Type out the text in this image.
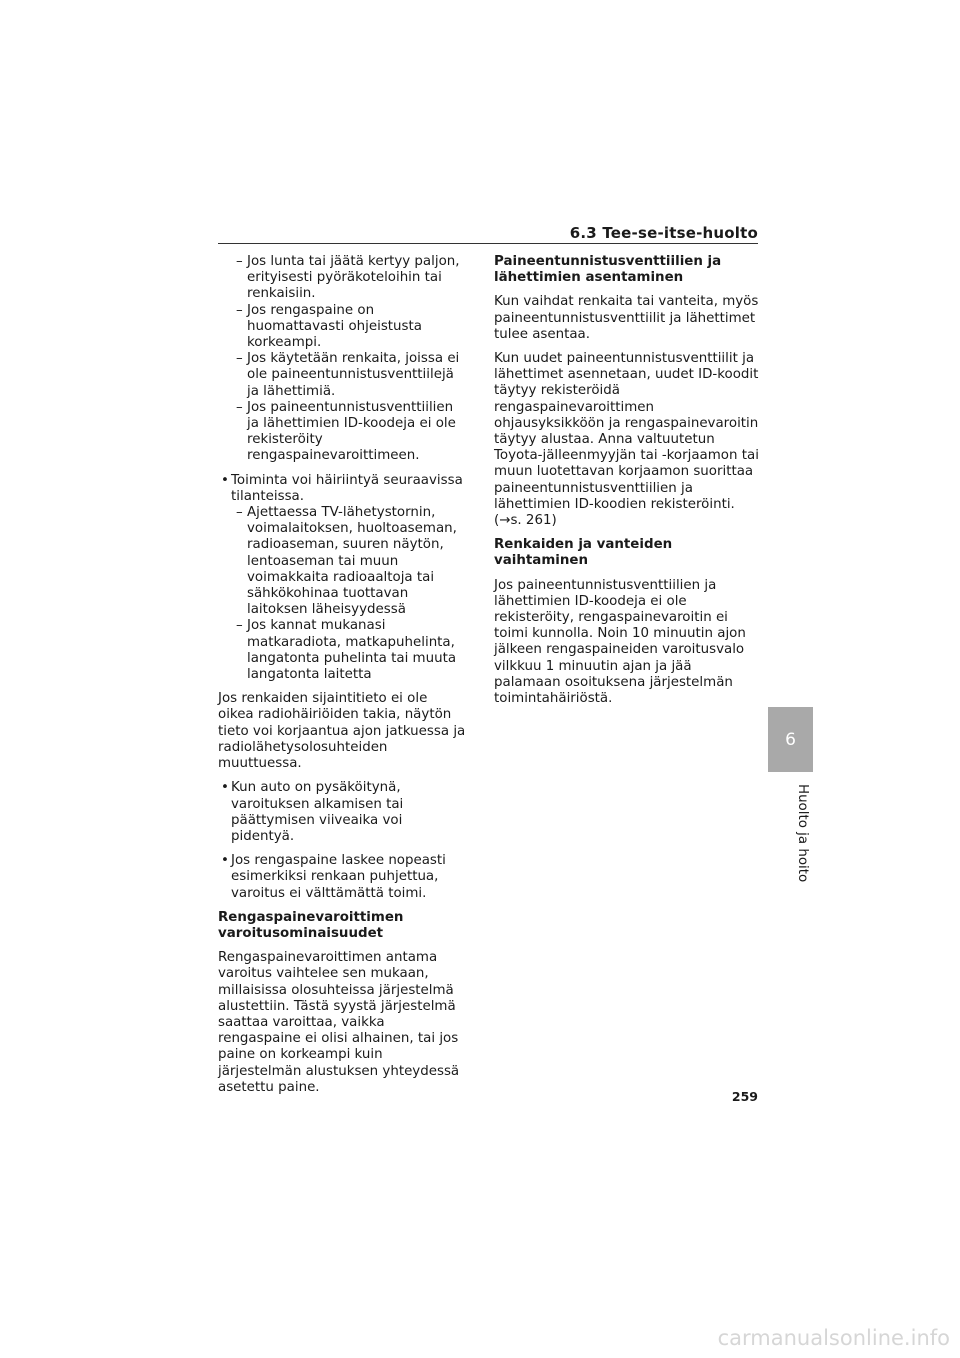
6.3 Tee-se-itse-huolto
– Jos lunta tai jäätä kertyy paljon, erityisesti pyöräkoteloihin tai renkaisiin.
– Jos rengaspaine on huomattavasti ohjeistusta korkeampi.
– Jos käytetään renkaita, joissa ei ole paineentunnistusventtiilejä ja lähettimiä.
– Jos paineentunnistusventtiilien ja lähettimien ID-koodeja ei ole rekisteröity rengaspainevaroittimeen.
• Toiminta voi häiriintyä seuraavissa tilanteissa.
– Ajettaessa TV-lähetystornin, voimalaitoksen, huoltoaseman, radioaseman, suuren näytön, lentoaseman tai muun voimakkaita radioaaltoja tai sähkökohinaa tuottavan laitoksen läheisyydessä
– Jos kannat mukanasi matkaradiota, matkapuhelinta, langatonta puhelinta tai muuta langatonta laitetta

Jos renkaiden sijaintitieto ei ole oikea radiohäiriöiden takia, näytön tieto voi korjaantua ajon jatkuessa ja radiolähetysolosuhteiden muuttuessa.

• Kun auto on pysäköitynä, varoituksen alkamisen tai päättymisen viiveaika voi pidentyä.
• Jos rengaspaine laskee nopeasti esimerkiksi renkaan puhjettua, varoitus ei välttämättä toimi.

Rengaspainevaroittimen varoitusominaisuudet

Rengaspainevaroittimen antama varoitus vaihtelee sen mukaan, millaisissa olosuhteissa järjestelmä alustettiin. Tästä syystä järjestelmä saattaa varoittaa, vaikka rengaspaine ei olisi alhainen, tai jos paine on korkeampi kuin järjestelmän alustuksen yhteydessä asetettu paine.

Paineentunnistusventtiilien ja lähettimien asentaminen

Kun vaihdat renkaita tai vanteita, myös paineentunnistusventtiilit ja lähettimet tulee asentaa.

Kun uudet paineentunnistusventtiilit ja lähettimet asennetaan, uudet ID-koodit täytyy rekisteröidä rengaspainevaroittimen ohjausyksikköön ja rengaspainevaroitin täytyy alustaa. Anna valtuutetun Toyota-jälleenmyyjän tai -korjaamon tai muun luotettavan korjaamon suorittaa paineentunnistusventtiilien ja lähettimien ID-koodien rekisteröinti.
(→s. 261)

Renkaiden ja vanteiden vaihtaminen

Jos paineentunnistusventtiilien ja lähettimien ID-koodeja ei ole rekisteröity, rengaspainevaroitin ei toimi kunnolla. Noin 10 minuutin ajon jälkeen rengaspaineiden varoitusvalo vilkkuu 1 minuutin ajan ja jää palamaan osoituksena järjestelmän toimintahäiriöstä.

6
Huolto ja hoito
259
carmanualsonline.info
